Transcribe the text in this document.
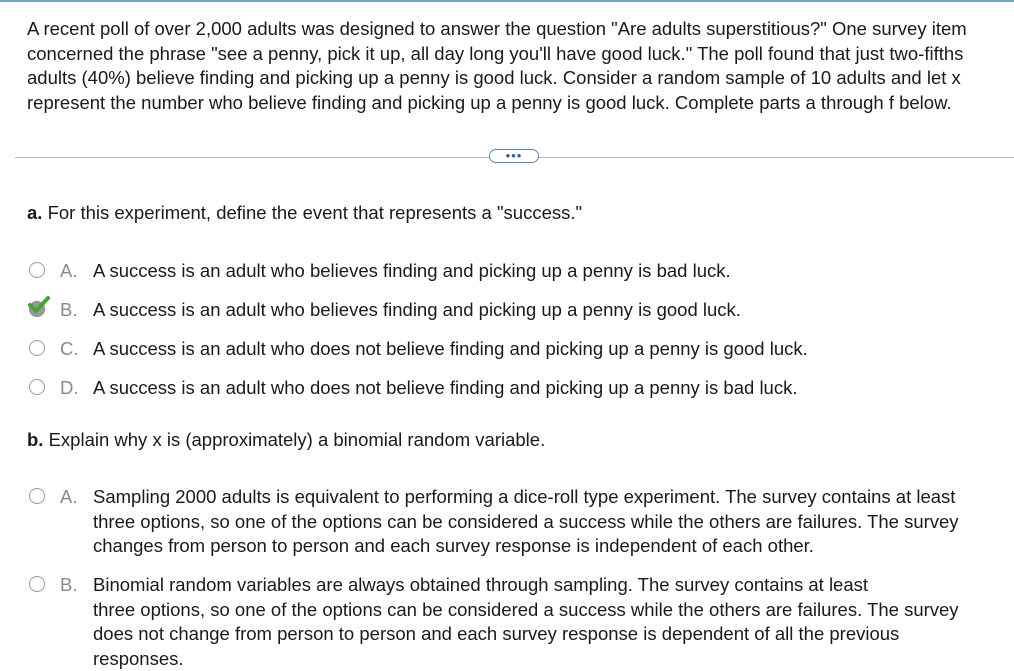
A recent poll of over 2,000 adults was designed to answer the question "Are adults superstitious?" One survey item
concerned the phrase "see a penny, pick it up, all day long you'll have good luck." The poll found that just two-fifths
adults (40%) believe finding and picking up a penny is good luck. Consider a random sample of 10 adults and let x
represent the number who believe finding and picking up a penny is good luck. Complete parts a through f below.
•••
a. For this experiment, define the event that represents a "success."
A. A success is an adult who believes finding and picking up a penny is bad luck.
B. A success is an adult who believes finding and picking up a penny is good luck.
C. A success is an adult who does not believe finding and picking up a penny is good luck.
D. A success is an adult who does not believe finding and picking up a penny is bad luck.
b. Explain why x is (approximately) a binomial random variable.
A. Sampling 2000 adults is equivalent to performing a dice-roll type experiment. The survey contains at least
three options, so one of the options can be considered a success while the others are failures. The survey
changes from person to person and each survey response is independent of each other.
B. Binomial random variables are always obtained through sampling. The survey contains at least
three options, so one of the options can be considered a success while the others are failures. The survey
does not change from person to person and each survey response is dependent of all the previous
responses.
